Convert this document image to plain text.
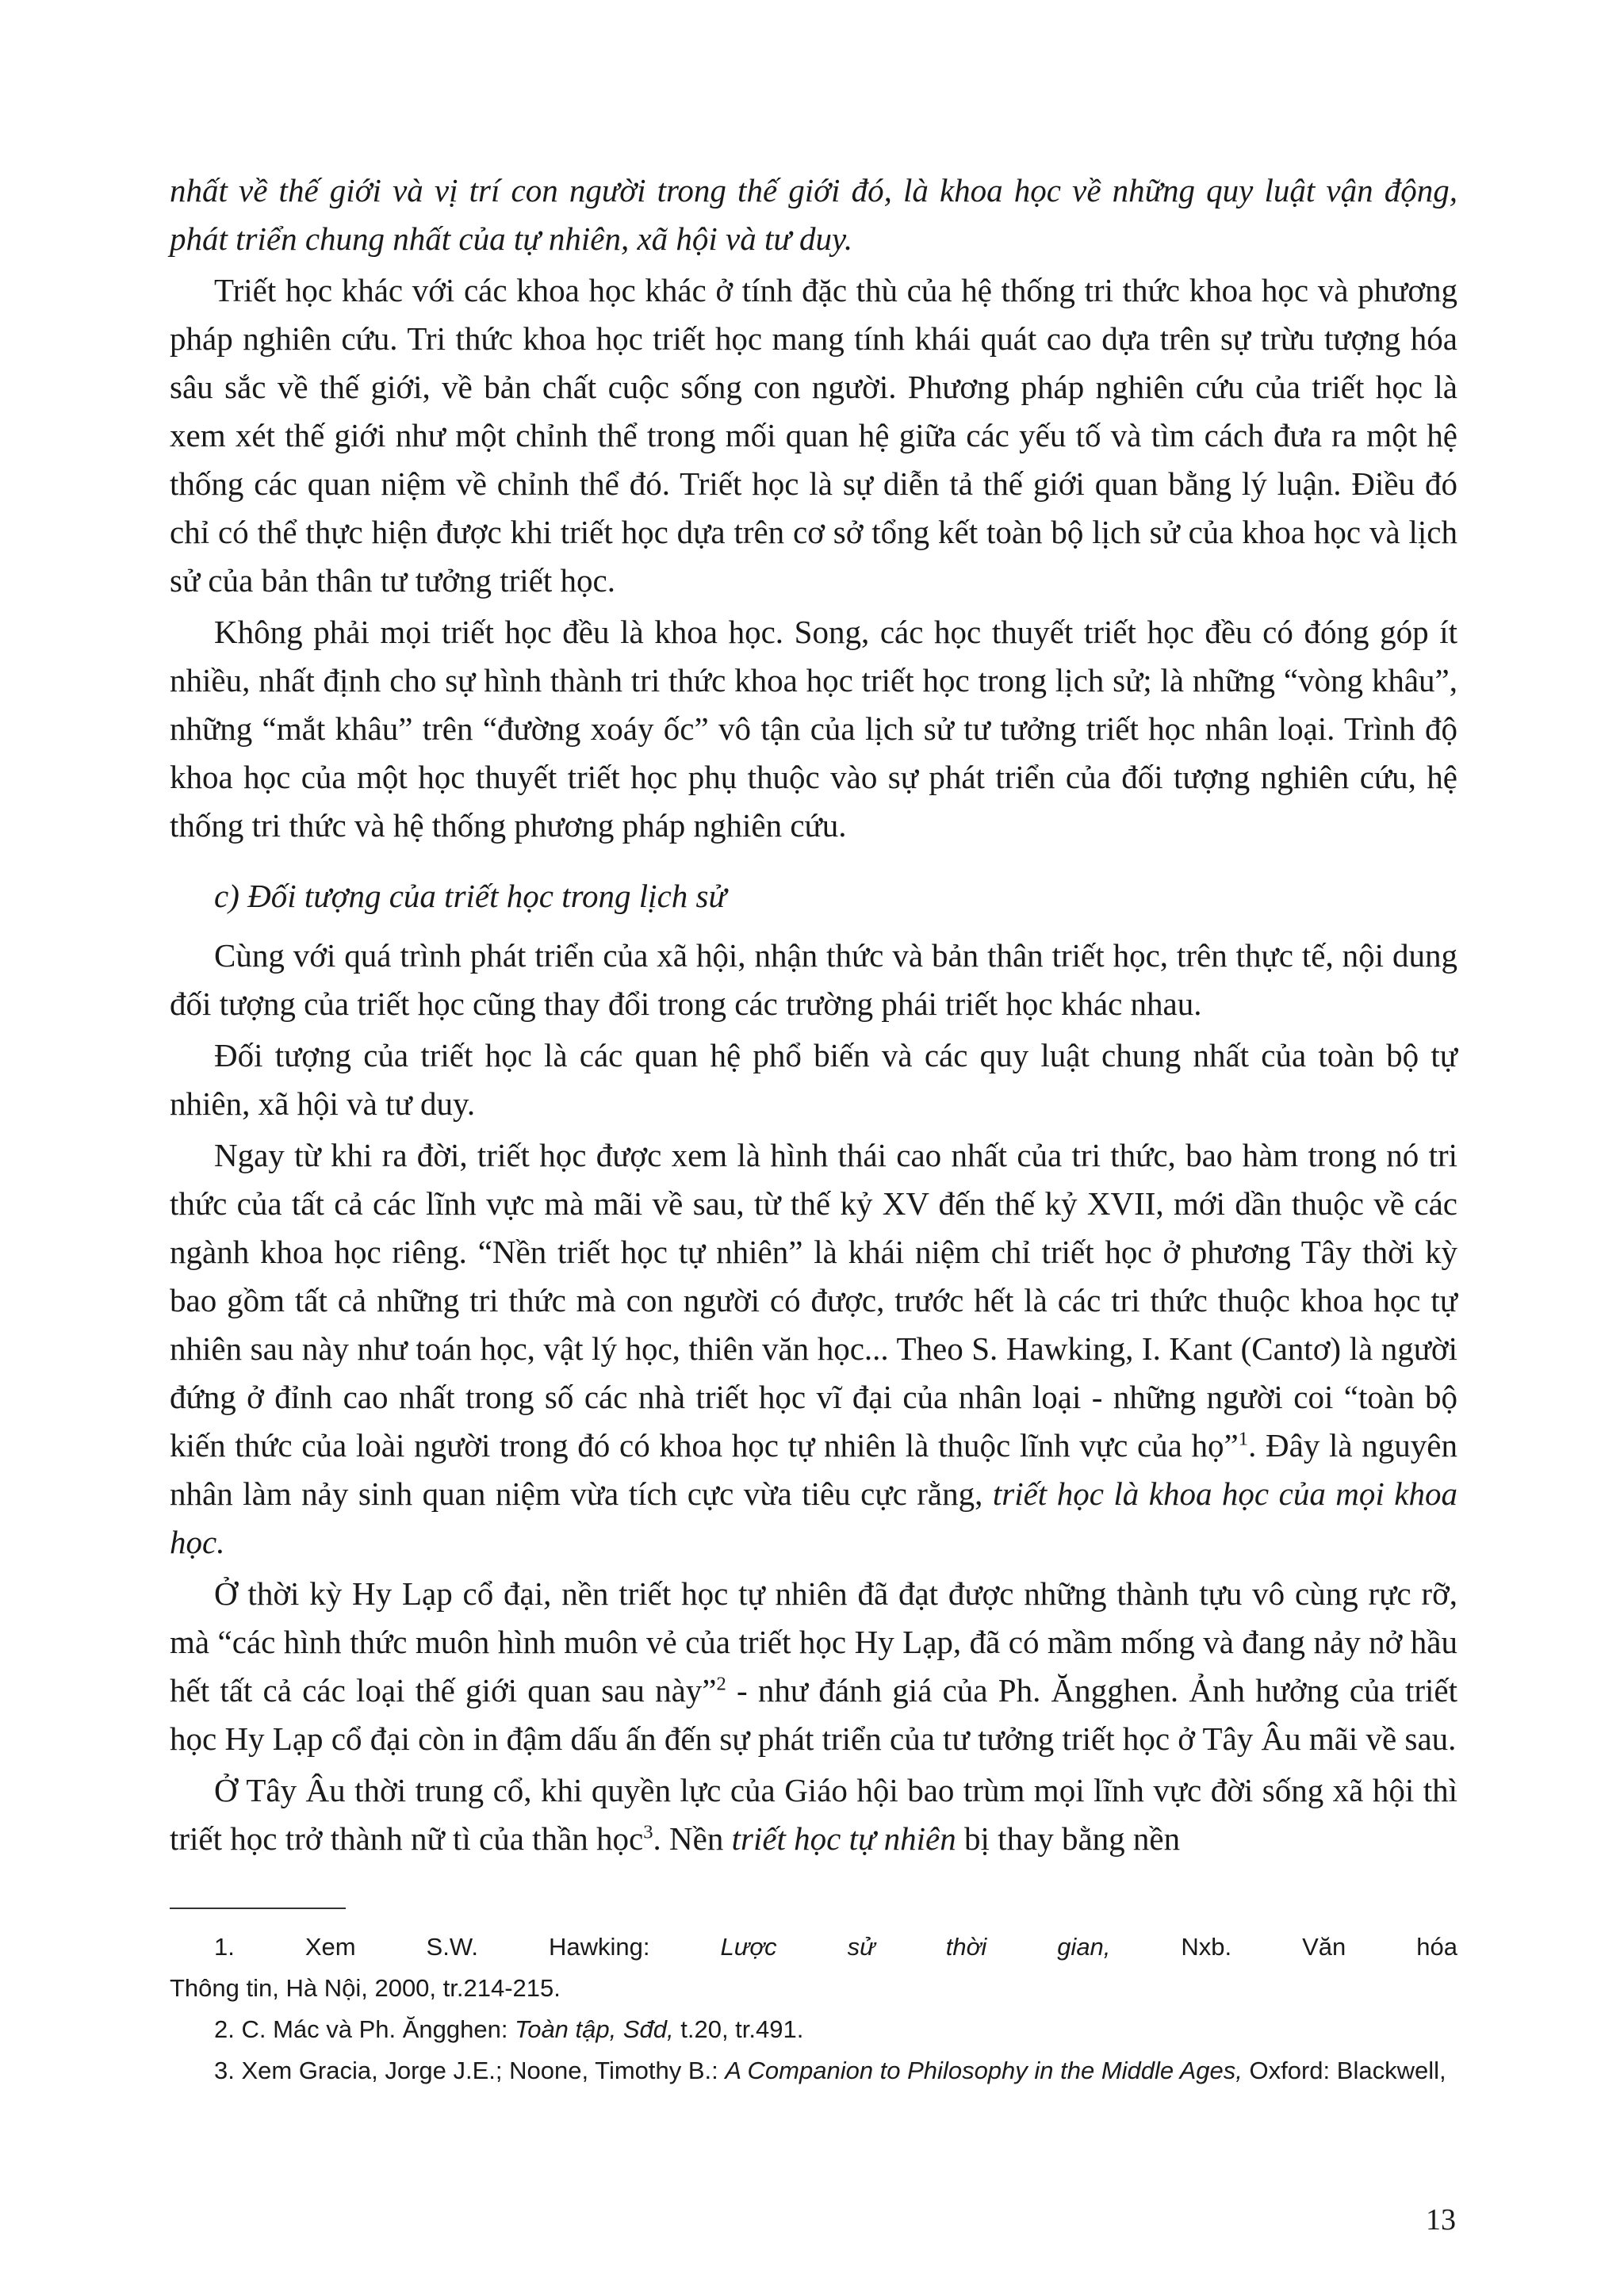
nhất về thế giới và vị trí con người trong thế giới đó, là khoa học về những quy luật vận động, phát triển chung nhất của tự nhiên, xã hội và tư duy.

Triết học khác với các khoa học khác ở tính đặc thù của hệ thống tri thức khoa học và phương pháp nghiên cứu. Tri thức khoa học triết học mang tính khái quát cao dựa trên sự trừu tượng hóa sâu sắc về thế giới, về bản chất cuộc sống con người. Phương pháp nghiên cứu của triết học là xem xét thế giới như một chỉnh thể trong mối quan hệ giữa các yếu tố và tìm cách đưa ra một hệ thống các quan niệm về chỉnh thể đó. Triết học là sự diễn tả thế giới quan bằng lý luận. Điều đó chỉ có thể thực hiện được khi triết học dựa trên cơ sở tổng kết toàn bộ lịch sử của khoa học và lịch sử của bản thân tư tưởng triết học.

Không phải mọi triết học đều là khoa học. Song, các học thuyết triết học đều có đóng góp ít nhiều, nhất định cho sự hình thành tri thức khoa học triết học trong lịch sử; là những “vòng khâu”, những “mắt khâu” trên “đường xoáy ốc” vô tận của lịch sử tư tưởng triết học nhân loại. Trình độ khoa học của một học thuyết triết học phụ thuộc vào sự phát triển của đối tượng nghiên cứu, hệ thống tri thức và hệ thống phương pháp nghiên cứu.

c) Đối tượng của triết học trong lịch sử

Cùng với quá trình phát triển của xã hội, nhận thức và bản thân triết học, trên thực tế, nội dung đối tượng của triết học cũng thay đổi trong các trường phái triết học khác nhau.

Đối tượng của triết học là các quan hệ phổ biến và các quy luật chung nhất của toàn bộ tự nhiên, xã hội và tư duy.

Ngay từ khi ra đời, triết học được xem là hình thái cao nhất của tri thức, bao hàm trong nó tri thức của tất cả các lĩnh vực mà mãi về sau, từ thế kỷ XV đến thế kỷ XVII, mới dần thuộc về các ngành khoa học riêng. “Nền triết học tự nhiên” là khái niệm chỉ triết học ở phương Tây thời kỳ bao gồm tất cả những tri thức mà con người có được, trước hết là các tri thức thuộc khoa học tự nhiên sau này như toán học, vật lý học, thiên văn học... Theo S. Hawking, I. Kant (Cantơ) là người đứng ở đỉnh cao nhất trong số các nhà triết học vĩ đại của nhân loại - những người coi “toàn bộ kiến thức của loài người trong đó có khoa học tự nhiên là thuộc lĩnh vực của họ”$^1$. Đây là nguyên nhân làm nảy sinh quan niệm vừa tích cực vừa tiêu cực rằng, triết học là khoa học của mọi khoa học.

Ở thời kỳ Hy Lạp cổ đại, nền triết học tự nhiên đã đạt được những thành tựu vô cùng rực rỡ, mà “các hình thức muôn hình muôn vẻ của triết học Hy Lạp, đã có mầm mống và đang nảy nở hầu hết tất cả các loại thế giới quan sau này”$^2$ - như đánh giá của Ph. Ăngghen. Ảnh hưởng của triết học Hy Lạp cổ đại còn in đậm dấu ấn đến sự phát triển của tư tưởng triết học ở Tây Âu mãi về sau.

Ở Tây Âu thời trung cổ, khi quyền lực của Giáo hội bao trùm mọi lĩnh vực đời sống xã hội thì triết học trở thành nữ tì của thần học$^3$. Nền triết học tự nhiên bị thay bằng nền

1. Xem S.W. Hawking: Lược sử thời gian, Nxb. Văn hóa

Thông tin, Hà Nội, 2000, tr.214-215.

2. C. Mác và Ph. Ăngghen: Toàn tập, Sđd, t.20, tr.491.

3. Xem Gracia, Jorge J.E.; Noone, Timothy B.: A Companion to Philosophy in the Middle Ages, Oxford: Blackwell,

13
